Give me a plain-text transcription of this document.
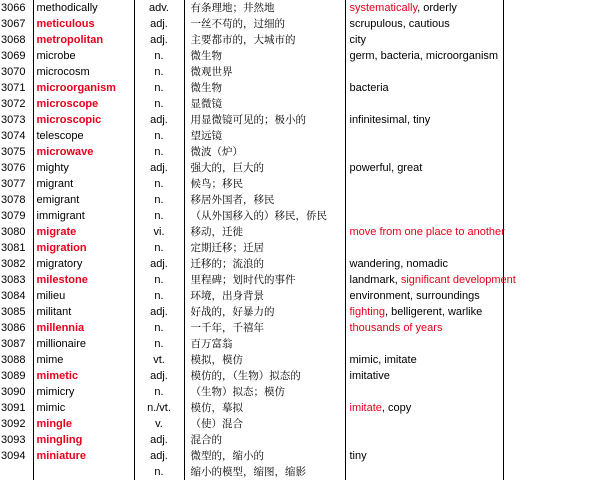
3066	methodically	adv.	有条理地；井然地	systematically, orderly	
3067	meticulous	adj.	一丝不苟的，过细的	scrupulous, cautious	
3068	metropolitan	adj.	主要都市的，大城市的	city	
3069	microbe	n.	微生物	germ, bacteria, microorganism	
3070	microcosm	n.	微观世界		
3071	microorganism	n.	微生物	bacteria	
3072	microscope	n.	显微镜		
3073	microscopic	adj.	用显微镜可见的；极小的	infinitesimal, tiny	
3074	telescope	n.	望远镜		
3075	microwave	n.	微波（炉）		
3076	mighty	adj.	强大的，巨大的	powerful, great	
3077	migrant	n.	候鸟；移民		
3078	emigrant	n.	移居外国者，移民		
3079	immigrant	n.	（从外国移入的）移民，侨民		
3080	migrate	vi.	移动，迁徙	move from one place to another	
3081	migration	n.	定期迁移；迁居		
3082	migratory	adj.	迁移的；流浪的	wandering, nomadic	
3083	milestone	n.	里程碑；划时代的事件	landmark, significant development	
3084	milieu	n.	环境，出身背景	environment, surroundings	
3085	militant	adj.	好战的，好暴力的	fighting, belligerent, warlike	
3086	millennia	n.	一千年，千禧年	thousands of years	
3087	millionaire	n.	百万富翁		
3088	mime	vt.	模拟，模仿	mimic, imitate	
3089	mimetic	adj.	模仿的，（生物）拟态的	imitative	
3090	mimicry	n.	（生物）拟态；模仿		
3091	mimic	n./vt.	模仿，摹拟	imitate, copy	
3092	mingle	v.	（使）混合		
3093	mingling	adj.	混合的		
3094	miniature	adj.	微型的，缩小的	tiny	
		n.	缩小的模型，缩图，缩影		
